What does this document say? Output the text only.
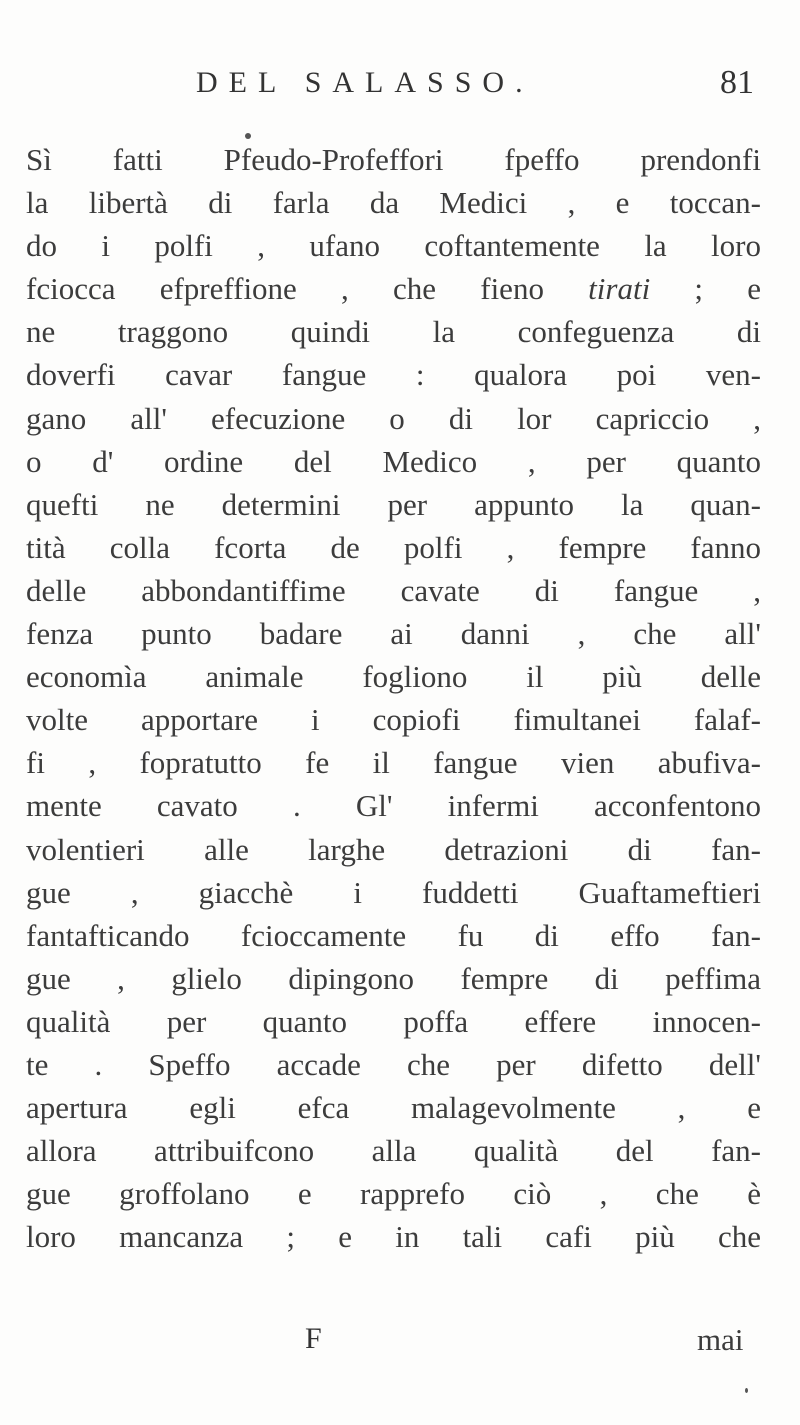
DEL SALASSO.	81
Sì fatti Pfeudo-Profeffori fpeffo prendonfi
la libertà di farla da Medici , e toccan-
do i polfi , ufano coftantemente la loro
fciocca efpreffione , che fieno tirati ; e
ne traggono quindi la confeguenza di
doverfi cavar fangue : qualora poi ven-
gano all' efecuzione o di lor capriccio ,
o d' ordine del Medico , per quanto
quefti ne determini per appunto la quan-
tità colla fcorta de polfi , fempre fanno
delle abbondantiffime cavate di fangue ,
fenza punto badare ai danni , che all'
economìa animale fogliono il più delle
volte apportare i copiofi fimultanei falaf-
fi , fopratutto fe il fangue vien abufiva-
mente cavato . Gl' infermi acconfentono
volentieri alle larghe detrazioni di fan-
gue , giacchè i fuddetti Guaftameftieri
fantafticando fcioccamente fu di effo fan-
gue , glielo dipingono fempre di peffima
qualità per quanto poffa effere innocen-
te . Speffo accade che per difetto dell'
apertura egli efca malagevolmente , e
allora attribuifcono alla qualità del fan-
gue groffolano e rapprefo ciò , che è
loro mancanza ; e in tali cafi più che
F	mai
